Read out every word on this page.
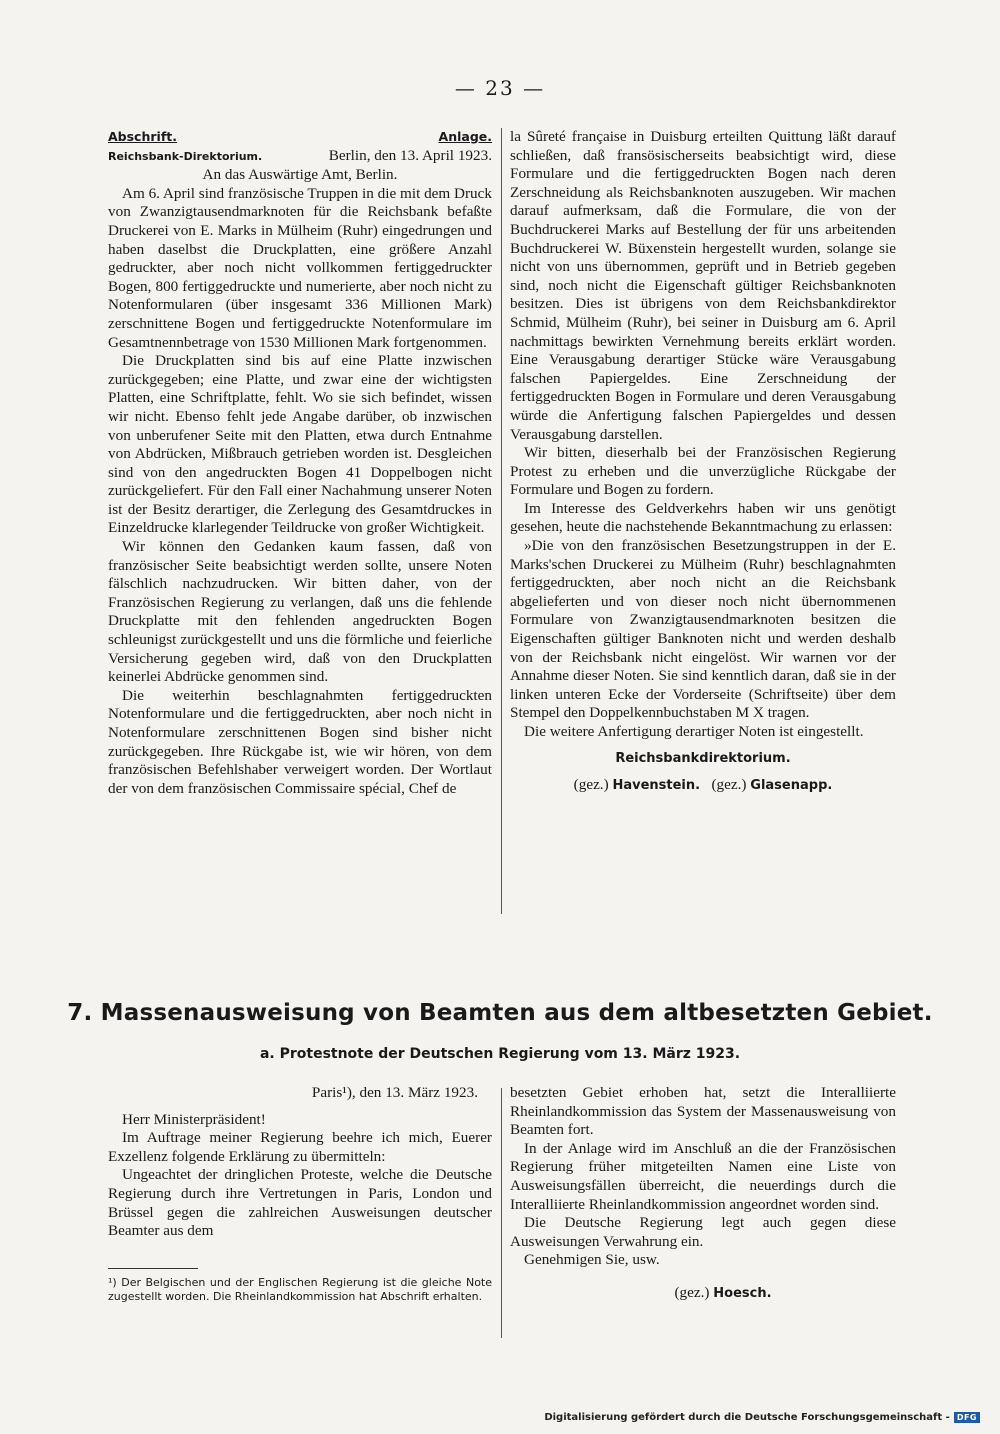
— 23 —
Abschrift.	Anlage.
Reichsbank-Direktorium.	Berlin, den 13. April 1923.
An das Auswärtige Amt, Berlin.

Am 6. April sind französische Truppen in die mit dem Druck von Zwanzigtausendmarknoten für die Reichsbank befaßte Druckerei von E. Marks in Mülheim (Ruhr) eingedrungen und haben daselbst die Druckplatten, eine größere Anzahl gedruckter, aber noch nicht vollkommen fertiggedruckter Bogen, 800 fertiggedruckte und numerierte, aber noch nicht zu Notenformularen (über insgesamt 336 Millionen Mark) zerschnittene Bogen und fertiggedruckte Notenformulare im Gesamtnennbetrage von 1530 Millionen Mark fortgenommen.

Die Druckplatten sind bis auf eine Platte inzwischen zurückgegeben; eine Platte, und zwar eine der wichtigsten Platten, eine Schriftplatte, fehlt. Wo sie sich befindet, wissen wir nicht. Ebenso fehlt jede Angabe darüber, ob inzwischen von unberufener Seite mit den Platten, etwa durch Entnahme von Abdrücken, Mißbrauch getrieben worden ist. Desgleichen sind von den angedruckten Bogen 41 Doppelbogen nicht zurückgeliefert. Für den Fall einer Nachahmung unserer Noten ist der Besitz derartiger, die Zerlegung des Gesamtdruckes in Einzeldrucke klarlegender Teildrucke von großer Wichtigkeit.

Wir können den Gedanken kaum fassen, daß von französischer Seite beabsichtigt werden sollte, unsere Noten fälschlich nachzudrucken. Wir bitten daher, von der Französischen Regierung zu verlangen, daß uns die fehlende Druckplatte mit den fehlenden angedruckten Bogen schleunigst zurückgestellt und uns die förmliche und feierliche Versicherung gegeben wird, daß von den Druckplatten keinerlei Abdrücke genommen sind.

Die weiterhin beschlagnahmten fertiggedruckten Notenformulare und die fertiggedruckten, aber noch nicht in Notenformulare zerschnittenen Bogen sind bisher nicht zurückgegeben. Ihre Rückgabe ist, wie wir hören, von dem französischen Befehlshaber verweigert worden. Der Wortlaut der von dem französischen Commissaire spécial, Chef de

la Sûreté française in Duisburg erteilten Quittung läßt darauf schließen, daß fransösischerseits beabsichtigt wird, diese Formulare und die fertiggedruckten Bogen nach deren Zerschneidung als Reichsbanknoten auszugeben. Wir machen darauf aufmerksam, daß die Formulare, die von der Buchdruckerei Marks auf Bestellung der für uns arbeitenden Buchdruckerei W. Büxenstein hergestellt wurden, solange sie nicht von uns übernommen, geprüft und in Betrieb gegeben sind, noch nicht die Eigenschaft gültiger Reichsbanknoten besitzen. Dies ist übrigens von dem Reichsbankdirektor Schmid, Mülheim (Ruhr), bei seiner in Duisburg am 6. April nachmittags bewirkten Vernehmung bereits erklärt worden. Eine Verausgabung derartiger Stücke wäre Verausgabung falschen Papiergeldes. Eine Zerschneidung der fertiggedruckten Bogen in Formulare und deren Verausgabung würde die Anfertigung falschen Papiergeldes und dessen Verausgabung darstellen.

Wir bitten, dieserhalb bei der Französischen Regierung Protest zu erheben und die unverzügliche Rückgabe der Formulare und Bogen zu fordern.

Im Interesse des Geldverkehrs haben wir uns genötigt gesehen, heute die nachstehende Bekanntmachung zu erlassen:

»Die von den französischen Besetzungstruppen in der E. Marks'schen Druckerei zu Mülheim (Ruhr) beschlagnahmten fertiggedruckten, aber noch nicht an die Reichsbank abgelieferten und von dieser noch nicht übernommenen Formulare von Zwanzigtausendmarknoten besitzen die Eigenschaften gültiger Banknoten nicht und werden deshalb von der Reichsbank nicht eingelöst. Wir warnen vor der Annahme dieser Noten. Sie sind kenntlich daran, daß sie in der linken unteren Ecke der Vorderseite (Schriftseite) über dem Stempel den Doppelkennbuchstaben M X tragen.

Die weitere Anfertigung derartiger Noten ist eingestellt.

Reichsbankdirektorium.
(gez.) Havenstein. (gez.) Glasenapp.
7. Massenausweisung von Beamten aus dem altbesetzten Gebiet.
a. Protestnote der Deutschen Regierung vom 13. März 1923.
Paris¹), den 13. März 1923.
Herr Ministerpräsident!

Im Auftrage meiner Regierung beehre ich mich, Euerer Exzellenz folgende Erklärung zu übermitteln:

Ungeachtet der dringlichen Proteste, welche die Deutsche Regierung durch ihre Vertretungen in Paris, London und Brüssel gegen die zahlreichen Ausweisungen deutscher Beamter aus dem

¹) Der Belgischen und der Englischen Regierung ist die gleiche Note zugestellt worden. Die Rheinlandkommission hat Abschrift erhalten.

besetzten Gebiet erhoben hat, setzt die Interalliierte Rheinlandkommission das System der Massenausweisung von Beamten fort.

In der Anlage wird im Anschluß an die der Französischen Regierung früher mitgeteilten Namen eine Liste von Ausweisungsfällen überreicht, die neuerdings durch die Interalliierte Rheinlandkommission angeordnet worden sind.

Die Deutsche Regierung legt auch gegen diese Ausweisungen Verwahrung ein.

Genehmigen Sie, usw.

(gez.) Hoesch.
Digitalisierung gefördert durch die Deutsche Forschungsgemeinschaft - DFG
